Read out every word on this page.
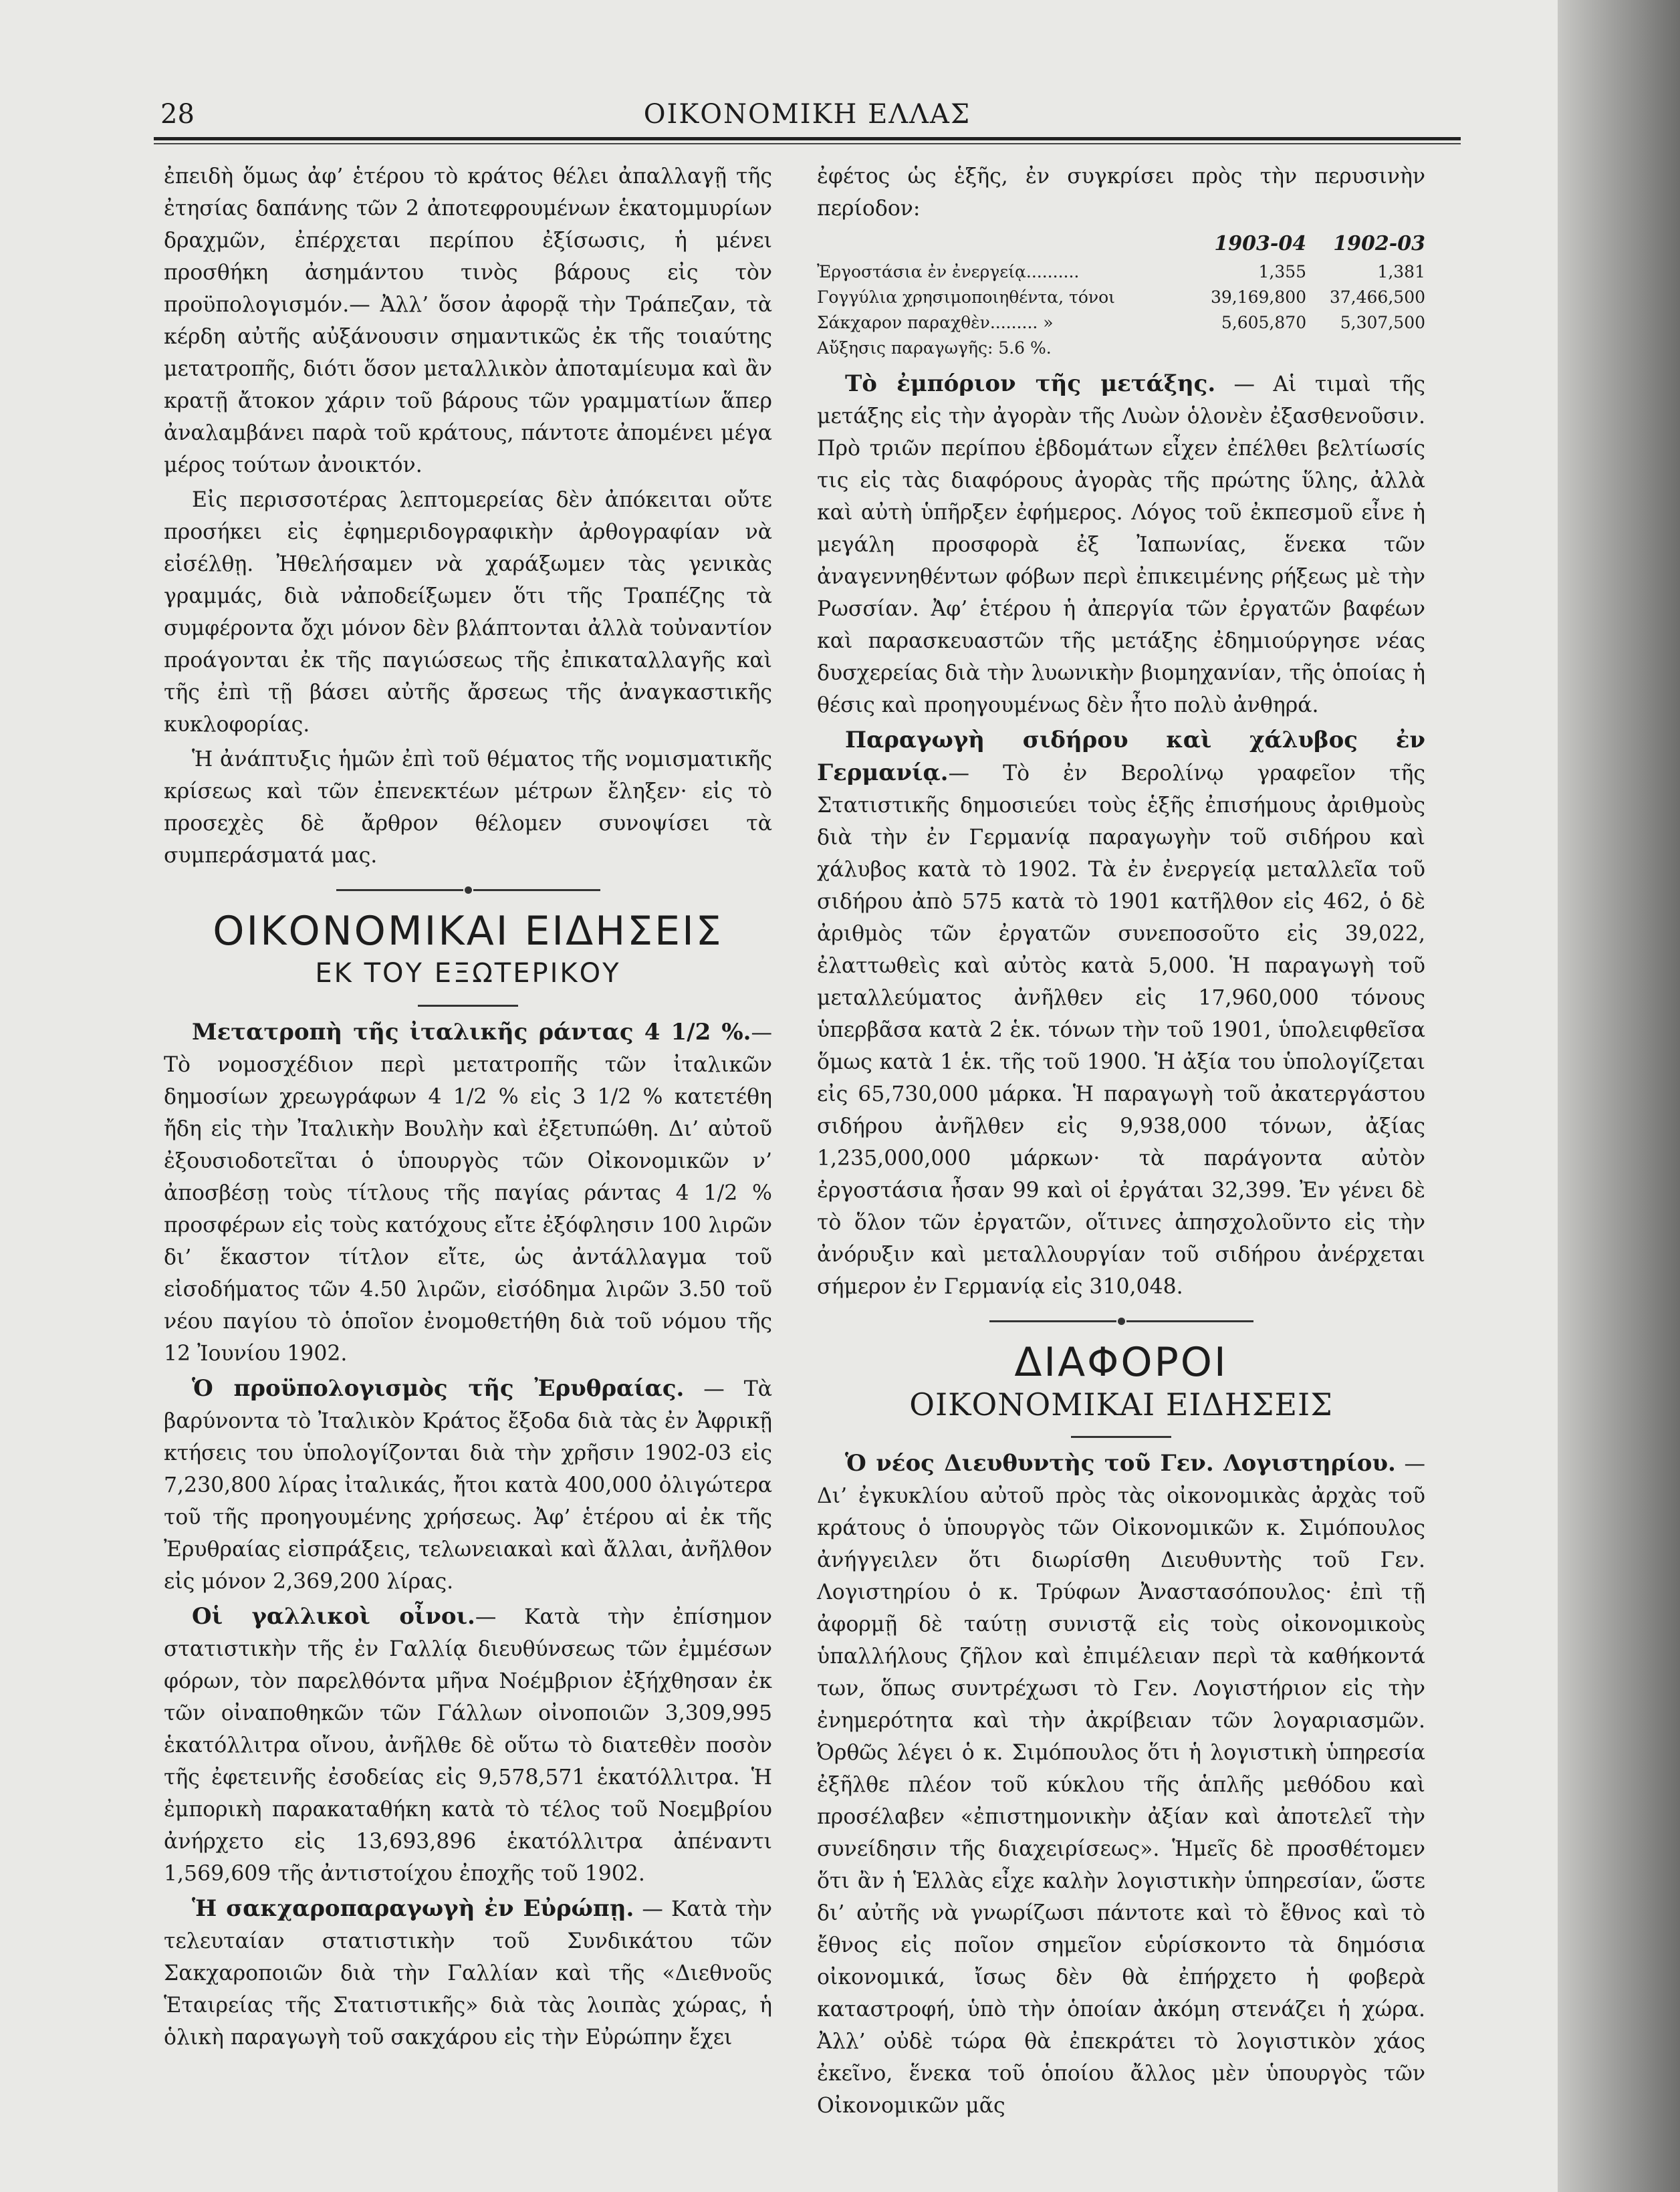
28	ΟΙΚΟΝΟΜΙΚΗ ΕΛΛΑΣ

ἐπειδὴ ὅμως ἀφ’ ἑτέρου τὸ κράτος θέλει ἀπαλλαγῇ τῆς ἐτησίας δαπάνης τῶν 2 ἀποτεφρουμένων ἑκατομμυρίων δραχμῶν, ἐπέρχεται περίπου ἐξίσωσις, ἡ μένει προσθήκη ἀσημάντου τινὸς βάρους εἰς τὸν προϋπολογισμόν.— Ἀλλ’ ὅσον ἀφορᾷ τὴν Τράπεζαν, τὰ κέρδη αὐτῆς αὐξάνουσιν σημαντικῶς ἐκ τῆς τοιαύτης μετατροπῆς, διότι ὅσον μεταλλικὸν ἀποταμίευμα καὶ ἂν κρατῇ ἄτοκον χάριν τοῦ βάρους τῶν γραμματίων ἅπερ ἀναλαμβάνει παρὰ τοῦ κράτους, πάντοτε ἀπομένει μέγα μέρος τούτων ἀνοικτόν.

Εἰς περισσοτέρας λεπτομερείας δὲν ἀπόκειται οὔτε προσήκει εἰς ἐφημεριδογραφικὴν ἀρθογραφίαν νὰ εἰσέλθῃ. Ἠθελήσαμεν νὰ χαράξωμεν τὰς γενικὰς γραμμάς, διὰ νἀποδείξωμεν ὅτι τῆς Τραπέζης τὰ συμφέροντα ὄχι μόνον δὲν βλάπτονται ἀλλὰ τοὐναντίον προάγονται ἐκ τῆς παγιώσεως τῆς ἐπικαταλλαγῆς καὶ τῆς ἐπὶ τῇ βάσει αὐτῆς ἄρσεως τῆς ἀναγκαστικῆς κυκλοφορίας.

Ἡ ἀνάπτυξις ἡμῶν ἐπὶ τοῦ θέματος τῆς νομισματικῆς κρίσεως καὶ τῶν ἐπενεκτέων μέτρων ἔληξεν· εἰς τὸ προσεχὲς δὲ ἄρθρον θέλομεν συνοψίσει τὰ συμπεράσματά μας.

ΟΙΚΟΝΟΜΙΚΑΙ ΕΙΔΗΣΕΙΣ
ΕΚ ΤΟΥ ΕΞΩΤΕΡΙΚΟΥ

Μετατροπὴ τῆς ἰταλικῆς ράντας 4 1/2 %.— Τὸ νομοσχέδιον περὶ μετατροπῆς τῶν ἰταλικῶν δημοσίων χρεωγράφων 4 1/2 % εἰς 3 1/2 % κατετέθη ἤδη εἰς τὴν Ἰταλικὴν Βουλὴν καὶ ἐξετυπώθη. Δι’ αὐτοῦ ἐξουσιοδοτεῖται ὁ ὑπουργὸς τῶν Οἰκονομικῶν ν’ ἀποσβέσῃ τοὺς τίτλους τῆς παγίας ράντας 4 1/2 % προσφέρων εἰς τοὺς κατόχους εἴτε ἐξόφλησιν 100 λιρῶν δι’ ἕκαστον τίτλον εἴτε, ὡς ἀντάλλαγμα τοῦ εἰσοδήματος τῶν 4.50 λιρῶν, εἰσόδημα λιρῶν 3.50 τοῦ νέου παγίου τὸ ὁποῖον ἐνομοθετήθη διὰ τοῦ νόμου τῆς 12 Ἰουνίου 1902.

Ὁ προϋπολογισμὸς τῆς Ἐρυθραίας. — Τὰ βαρύνοντα τὸ Ἰταλικὸν Κράτος ἔξοδα διὰ τὰς ἐν Ἀφρικῇ κτήσεις του ὑπολογίζονται διὰ τὴν χρῆσιν 1902-03 εἰς 7,230,800 λίρας ἰταλικάς, ἤτοι κατὰ 400,000 ὀλιγώτερα τοῦ τῆς προηγουμένης χρήσεως. Ἀφ’ ἑτέρου αἱ ἐκ τῆς Ἐρυθραίας εἰσπράξεις, τελωνειακαὶ καὶ ἄλλαι, ἀνῆλθον εἰς μόνον 2,369,200 λίρας.

Οἱ γαλλικοὶ οἶνοι.— Κατὰ τὴν ἐπίσημον στατιστικὴν τῆς ἐν Γαλλίᾳ διευθύνσεως τῶν ἐμμέσων φόρων, τὸν παρελθόντα μῆνα Νοέμβριον ἐξήχθησαν ἐκ τῶν οἰναποθηκῶν τῶν Γάλλων οἰνοποιῶν 3,309,995 ἑκατόλλιτρα οἴνου, ἀνῆλθε δὲ οὕτω τὸ διατεθὲν ποσὸν τῆς ἐφετεινῆς ἐσοδείας εἰς 9,578,571 ἑκατόλλιτρα. Ἡ ἐμπορικὴ παρακαταθήκη κατὰ τὸ τέλος τοῦ Νοεμβρίου ἀνήρχετο εἰς 13,693,896 ἑκατόλλιτρα ἀπέναντι 1,569,609 τῆς ἀντιστοίχου ἐποχῆς τοῦ 1902.

Ἡ σακχαροπαραγωγὴ ἐν Εὐρώπῃ. — Κατὰ τὴν τελευταίαν στατιστικὴν τοῦ Συνδικάτου τῶν Σακχαροποιῶν διὰ τὴν Γαλλίαν καὶ τῆς «Διεθνοῦς Ἑταιρείας τῆς Στατιστικῆς» διὰ τὰς λοιπὰς χώρας, ἡ ὁλικὴ παραγωγὴ τοῦ σακχάρου εἰς τὴν Εὐρώπην ἔχει

ἐφέτος ὡς ἑξῆς, ἐν συγκρίσει πρὸς τὴν περυσινὴν περίοδον:

	1903-04	1902-03
Ἐργοστάσια ἐν ἐνεργείᾳ..........	1,355	1,381
Γογγύλια χρησιμοποιηθέντα, τόνοι	39,169,800	37,466,500
Σάκχαρον παραχθὲν......... »	5,605,870	5,307,500
Αὔξησις παραγωγῆς: 5.6 %.

Τὸ ἐμπόριον τῆς μετάξης. — Αἱ τιμαὶ τῆς μετάξης εἰς τὴν ἀγορὰν τῆς Λυὼν ὁλονὲν ἐξασθενοῦσιν. Πρὸ τριῶν περίπου ἑβδομάτων εἶχεν ἐπέλθει βελτίωσίς τις εἰς τὰς διαφόρους ἀγορὰς τῆς πρώτης ὕλης, ἀλλὰ καὶ αὐτὴ ὑπῆρξεν ἐφήμερος. Λόγος τοῦ ἐκπεσμοῦ εἶνε ἡ μεγάλη προσφορὰ ἐξ Ἰαπωνίας, ἕνεκα τῶν ἀναγεννηθέντων φόβων περὶ ἐπικειμένης ρήξεως μὲ τὴν Ρωσσίαν. Ἀφ’ ἑτέρου ἡ ἀπεργία τῶν ἐργατῶν βαφέων καὶ παρασκευαστῶν τῆς μετάξης ἐδημιούργησε νέας δυσχερείας διὰ τὴν λυωνικὴν βιομηχανίαν, τῆς ὁποίας ἡ θέσις καὶ προηγουμένως δὲν ἦτο πολὺ ἀνθηρά.

Παραγωγὴ σιδήρου καὶ χάλυβος ἐν Γερμανίᾳ.— Τὸ ἐν Βερολίνῳ γραφεῖον τῆς Στατιστικῆς δημοσιεύει τοὺς ἑξῆς ἐπισήμους ἀριθμοὺς διὰ τὴν ἐν Γερμανίᾳ παραγωγὴν τοῦ σιδήρου καὶ χάλυβος κατὰ τὸ 1902. Τὰ ἐν ἐνεργείᾳ μεταλλεῖα τοῦ σιδήρου ἀπὸ 575 κατὰ τὸ 1901 κατῆλθον εἰς 462, ὁ δὲ ἀριθμὸς τῶν ἐργατῶν συνεποσοῦτο εἰς 39,022, ἐλαττωθεὶς καὶ αὐτὸς κατὰ 5,000. Ἡ παραγωγὴ τοῦ μεταλλεύματος ἀνῆλθεν εἰς 17,960,000 τόνους ὑπερβᾶσα κατὰ 2 ἑκ. τόνων τὴν τοῦ 1901, ὑπολειφθεῖσα ὅμως κατὰ 1 ἑκ. τῆς τοῦ 1900. Ἡ ἀξία του ὑπολογίζεται εἰς 65,730,000 μάρκα. Ἡ παραγωγὴ τοῦ ἀκατεργάστου σιδήρου ἀνῆλθεν εἰς 9,938,000 τόνων, ἀξίας 1,235,000,000 μάρκων· τὰ παράγοντα αὐτὸν ἐργοστάσια ἦσαν 99 καὶ οἱ ἐργάται 32,399. Ἐν γένει δὲ τὸ ὅλον τῶν ἐργατῶν, οἵτινες ἀπησχολοῦντο εἰς τὴν ἀνόρυξιν καὶ μεταλλουργίαν τοῦ σιδήρου ἀνέρχεται σήμερον ἐν Γερμανίᾳ εἰς 310,048.

ΔΙΑΦΟΡΟΙ
ΟΙΚΟΝΟΜΙΚΑΙ ΕΙΔΗΣΕΙΣ

Ὁ νέος Διευθυντὴς τοῦ Γεν. Λογιστηρίου. — Δι’ ἐγκυκλίου αὐτοῦ πρὸς τὰς οἰκονομικὰς ἀρχὰς τοῦ κράτους ὁ ὑπουργὸς τῶν Οἰκονομικῶν κ. Σιμόπουλος ἀνήγγειλεν ὅτι διωρίσθη Διευθυντὴς τοῦ Γεν. Λογιστηρίου ὁ κ. Τρύφων Ἀναστασόπουλος· ἐπὶ τῇ ἀφορμῇ δὲ ταύτῃ συνιστᾷ εἰς τοὺς οἰκονομικοὺς ὑπαλλήλους ζῆλον καὶ ἐπιμέλειαν περὶ τὰ καθήκοντά των, ὅπως συντρέχωσι τὸ Γεν. Λογιστήριον εἰς τὴν ἐνημερότητα καὶ τὴν ἀκρίβειαν τῶν λογαριασμῶν. Ὀρθῶς λέγει ὁ κ. Σιμόπουλος ὅτι ἡ λογιστικὴ ὑπηρεσία ἐξῆλθε πλέον τοῦ κύκλου τῆς ἁπλῆς μεθόδου καὶ προσέλαβεν «ἐπιστημονικὴν ἀξίαν καὶ ἀποτελεῖ τὴν συνείδησιν τῆς διαχειρίσεως». Ἡμεῖς δὲ προσθέτομεν ὅτι ἂν ἡ Ἑλλὰς εἶχε καλὴν λογιστικὴν ὑπηρεσίαν, ὥστε δι’ αὐτῆς νὰ γνωρίζωσι πάντοτε καὶ τὸ ἔθνος καὶ τὸ ἔθνος εἰς ποῖον σημεῖον εὑρίσκοντο τὰ δημόσια οἰκονομικά, ἴσως δὲν θὰ ἐπήρχετο ἡ φοβερὰ καταστροφή, ὑπὸ τὴν ὁποίαν ἀκόμη στενάζει ἡ χώρα. Ἀλλ’ οὐδὲ τώρα θὰ ἐπεκράτει τὸ λογιστικὸν χάος ἐκεῖνο, ἕνεκα τοῦ ὁποίου ἄλλος μὲν ὑπουργὸς τῶν Οἰκονομικῶν μᾶς
